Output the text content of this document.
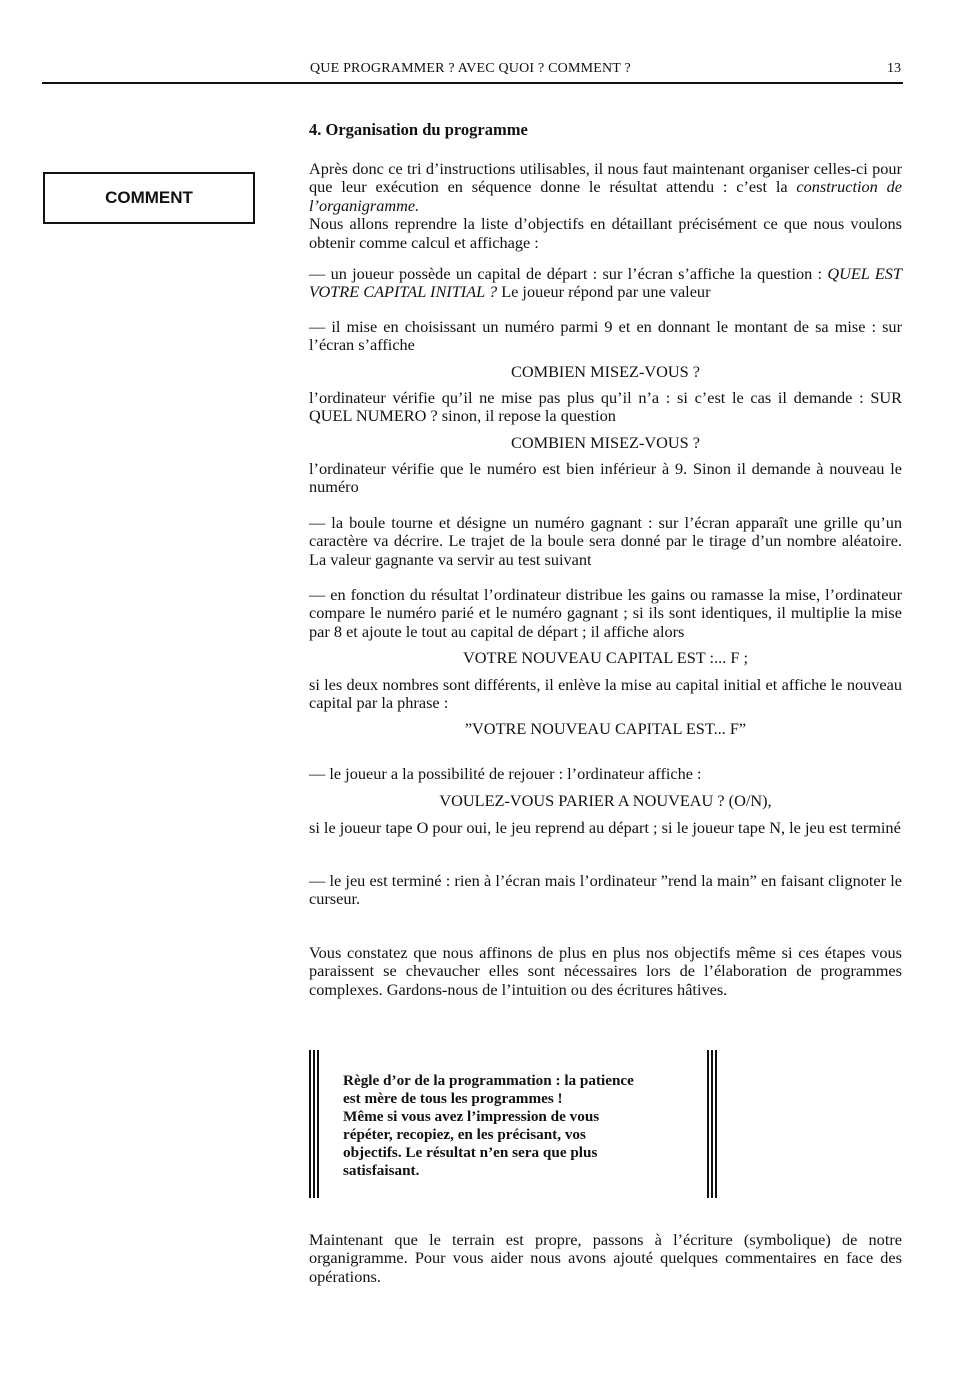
QUE PROGRAMMER ? AVEC QUOI ? COMMENT ?	13
COMMENT

4. Organisation du programme

Après donc ce tri d’instructions utilisables, il nous faut maintenant organiser celles-ci pour que leur exécution en séquence donne le résultat attendu : c’est la construction de l’organigramme.

Nous allons reprendre la liste d’objectifs en détaillant précisément ce que nous voulons obtenir comme calcul et affichage :

— un joueur possède un capital de départ : sur l’écran s’affiche la question : QUEL EST VOTRE CAPITAL INITIAL ? Le joueur répond par une valeur

— il mise en choisissant un numéro parmi 9 et en donnant le montant de sa mise : sur l’écran s’affiche

COMBIEN MISEZ-VOUS ?

l’ordinateur vérifie qu’il ne mise pas plus qu’il n’a : si c’est le cas il demande : SUR QUEL NUMERO ? sinon, il repose la question

COMBIEN MISEZ-VOUS ?

l’ordinateur vérifie que le numéro est bien inférieur à 9. Sinon il demande à nouveau le numéro

— la boule tourne et désigne un numéro gagnant : sur l’écran apparaît une grille qu’un caractère va décrire. Le trajet de la boule sera donné par le tirage d’un nombre aléatoire. La valeur gagnante va servir au test suivant

— en fonction du résultat l’ordinateur distribue les gains ou ramasse la mise, l’ordinateur compare le numéro parié et le numéro gagnant ; si ils sont identiques, il multiplie la mise par 8 et ajoute le tout au capital de départ ; il affiche alors

VOTRE NOUVEAU CAPITAL EST :... F ;

si les deux nombres sont différents, il enlève la mise au capital initial et affiche le nouveau capital par la phrase :

”VOTRE NOUVEAU CAPITAL EST... F”

— le joueur a la possibilité de rejouer : l’ordinateur affiche :

VOULEZ-VOUS PARIER A NOUVEAU ? (O/N),

si le joueur tape O pour oui, le jeu reprend au départ ; si le joueur tape N, le jeu est terminé

— le jeu est terminé : rien à l’écran mais l’ordinateur ”rend la main” en faisant clignoter le curseur.

Vous constatez que nous affinons de plus en plus nos objectifs même si ces étapes vous paraissent se chevaucher elles sont nécessaires lors de l’élaboration de programmes complexes. Gardons-nous de l’intuition ou des écritures hâtives.

Règle d’or de la programmation : la patience
est mère de tous les programmes !
Même si vous avez l’impression de vous
répéter, recopiez, en les précisant, vos
objectifs. Le résultat n’en sera que plus
satisfaisant.

Maintenant que le terrain est propre, passons à l’écriture (symbolique) de notre organigramme. Pour vous aider nous avons ajouté quelques commentaires en face des opérations.
